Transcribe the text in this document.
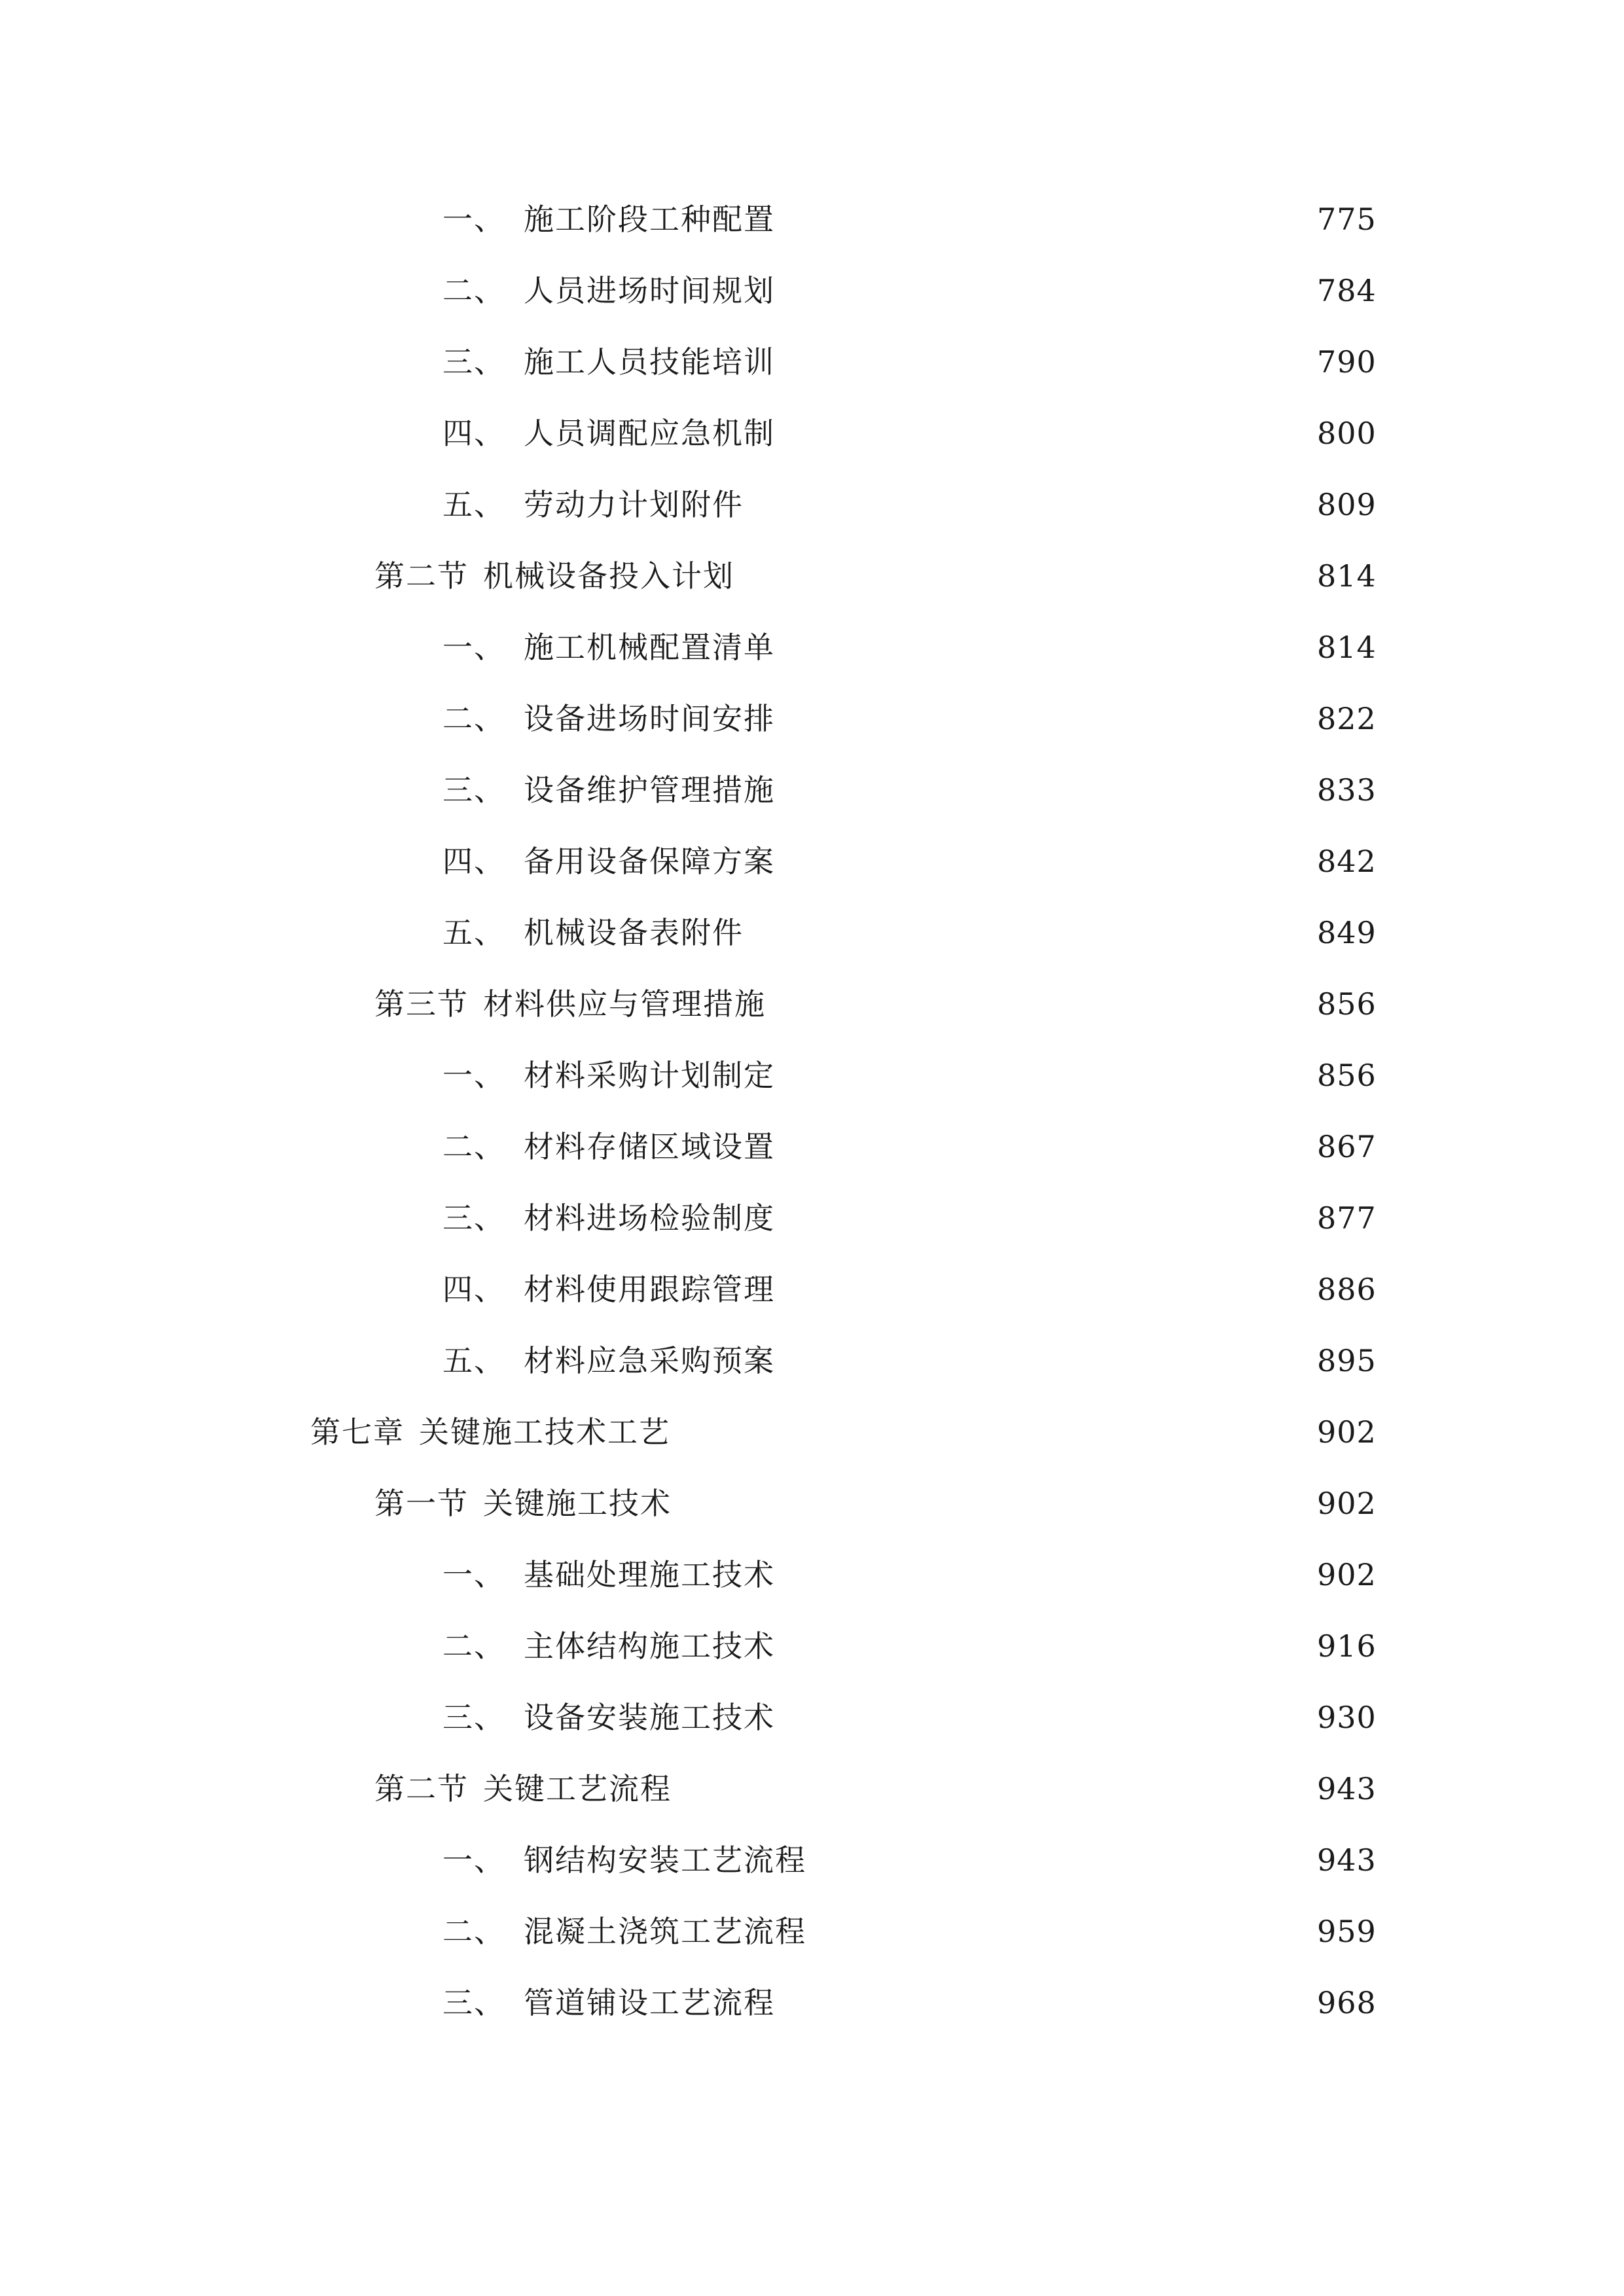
一、 施工阶段工种配置	775
二、 人员进场时间规划	784
三、 施工人员技能培训	790
四、 人员调配应急机制	800
五、 劳动力计划附件	809
第二节 机械设备投入计划	814
一、 施工机械配置清单	814
二、 设备进场时间安排	822
三、 设备维护管理措施	833
四、 备用设备保障方案	842
五、 机械设备表附件	849
第三节 材料供应与管理措施	856
一、 材料采购计划制定	856
二、 材料存储区域设置	867
三、 材料进场检验制度	877
四、 材料使用跟踪管理	886
五、 材料应急采购预案	895
第七章 关键施工技术工艺	902
第一节 关键施工技术	902
一、 基础处理施工技术	902
二、 主体结构施工技术	916
三、 设备安装施工技术	930
第二节 关键工艺流程	943
一、 钢结构安装工艺流程	943
二、 混凝土浇筑工艺流程	959
三、 管道铺设工艺流程	968
